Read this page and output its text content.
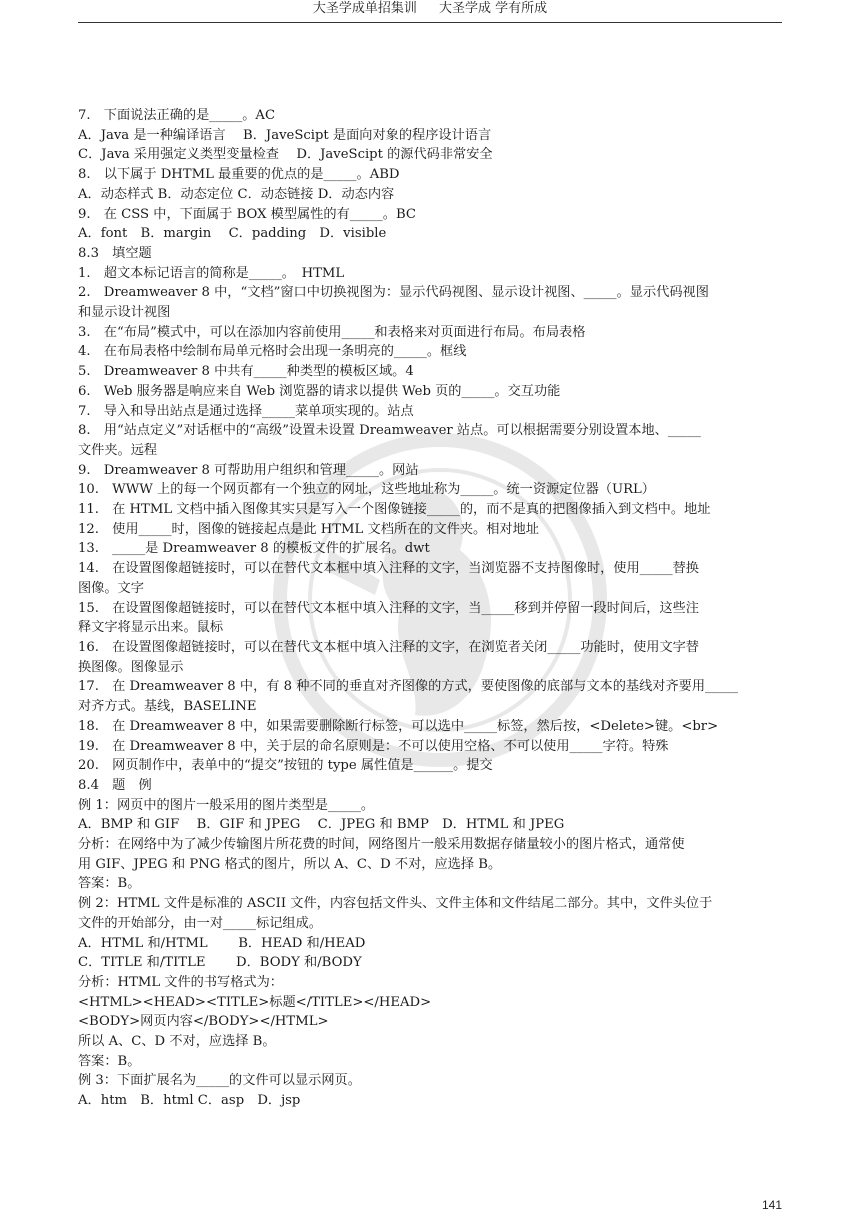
大圣学成单招集训 大圣学成 学有所成
7.　下面说法正确的是_____。AC
A．Java 是一种编译语言　 B．JaveScipt 是面向对象的程序设计语言
C．Java 采用强定义类型变量检查　 D．JaveScipt 的源代码非常安全
8.　以下属于 DHTML 最重要的优点的是_____。ABD
A．动态样式 B．动态定位 C．动态链接 D．动态内容
9.　在 CSS 中，下面属于 BOX 模型属性的有_____。BC
A．font　B．margin　 C．padding　D．visible
8.3　填空题
1.　超文本标记语言的简称是_____。　HTML
2.　Dreamweaver 8 中，“文档”窗口中切换视图为：显示代码视图、显示设计视图、_____。显示代码视图
和显示设计视图
3.　在“布局”模式中，可以在添加内容前使用_____和表格来对页面进行布局。布局表格
4.　在布局表格中绘制布局单元格时会出现一条明亮的_____。框线
5.　Dreamweaver 8 中共有_____种类型的模板区域。4
6.　Web 服务器是响应来自 Web 浏览器的请求以提供 Web 页的_____。交互功能
7.　导入和导出站点是通过选择_____菜单项实现的。站点
8.　用“站点定义”对话框中的“高级”设置未设置 Dreamweaver 站点。可以根据需要分别设置本地、_____
文件夹。远程
9.　Dreamweaver 8 可帮助用户组织和管理_____。网站
10.　WWW 上的每一个网页都有一个独立的网址，这些地址称为_____。统一资源定位器（URL）
11.　在 HTML 文档中插入图像其实只是写入一个图像链接_____的，而不是真的把图像插入到文档中。地址
12.　使用_____时，图像的链接起点是此 HTML 文档所在的文件夹。相对地址
13.　_____是 Dreamweaver 8 的模板文件的扩展名。dwt
14.　在设置图像超链接时，可以在替代文本框中填入注释的文字，当浏览器不支持图像时，使用_____替换
图像。文字
15.　在设置图像超链接时，可以在替代文本框中填入注释的文字，当_____移到并停留一段时间后，这些注
释文字将显示出来。鼠标
16.　在设置图像超链接时，可以在替代文本框中填入注释的文字，在浏览者关闭_____功能时，使用文字替
换图像。图像显示
17.　在 Dreamweaver 8 中，有 8 种不同的垂直对齐图像的方式，要使图像的底部与文本的基线对齐要用_____
对齐方式。基线，BASELINE
18.　在 Dreamweaver 8 中，如果需要删除断行标签，可以选中_____标签，然后按，<Delete>键。<br>
19.　在 Dreamweaver 8 中，关于层的命名原则是：不可以使用空格、不可以使用_____字符。特殊
20.　网页制作中，表单中的“提交”按钮的 type 属性值是______。提交
8.4　题　例
例 1：网页中的图片一般采用的图片类型是_____。
A．BMP 和 GIF　 B．GIF 和 JPEG　 C．JPEG 和 BMP　D．HTML 和 JPEG
分析：在网络中为了减少传输图片所花费的时间，网络图片一般采用数据存储量较小的图片格式，通常使
用 GIF、JPEG 和 PNG 格式的图片，所以 A、C、D 不对，应选择 B。
答案：B。
例 2：HTML 文件是标准的 ASCII 文件，内容包括文件头、文件主体和文件结尾二部分。其中，文件头位于
文件的开始部分，由一对_____标记组成。
A．HTML 和/HTML　　 B．HEAD 和/HEAD
C．TITLE 和/TITLE　　 D．BODY 和/BODY
分析：HTML 文件的书写格式为：
<HTML><HEAD><TITLE>标题</TITLE></HEAD>
<BODY>网页内容</BODY></HTML>
所以 A、C、D 不对，应选择 B。
答案：B。
例 3：下面扩展名为_____的文件可以显示网页。
A．htm　B．html C．asp　D．jsp
141
